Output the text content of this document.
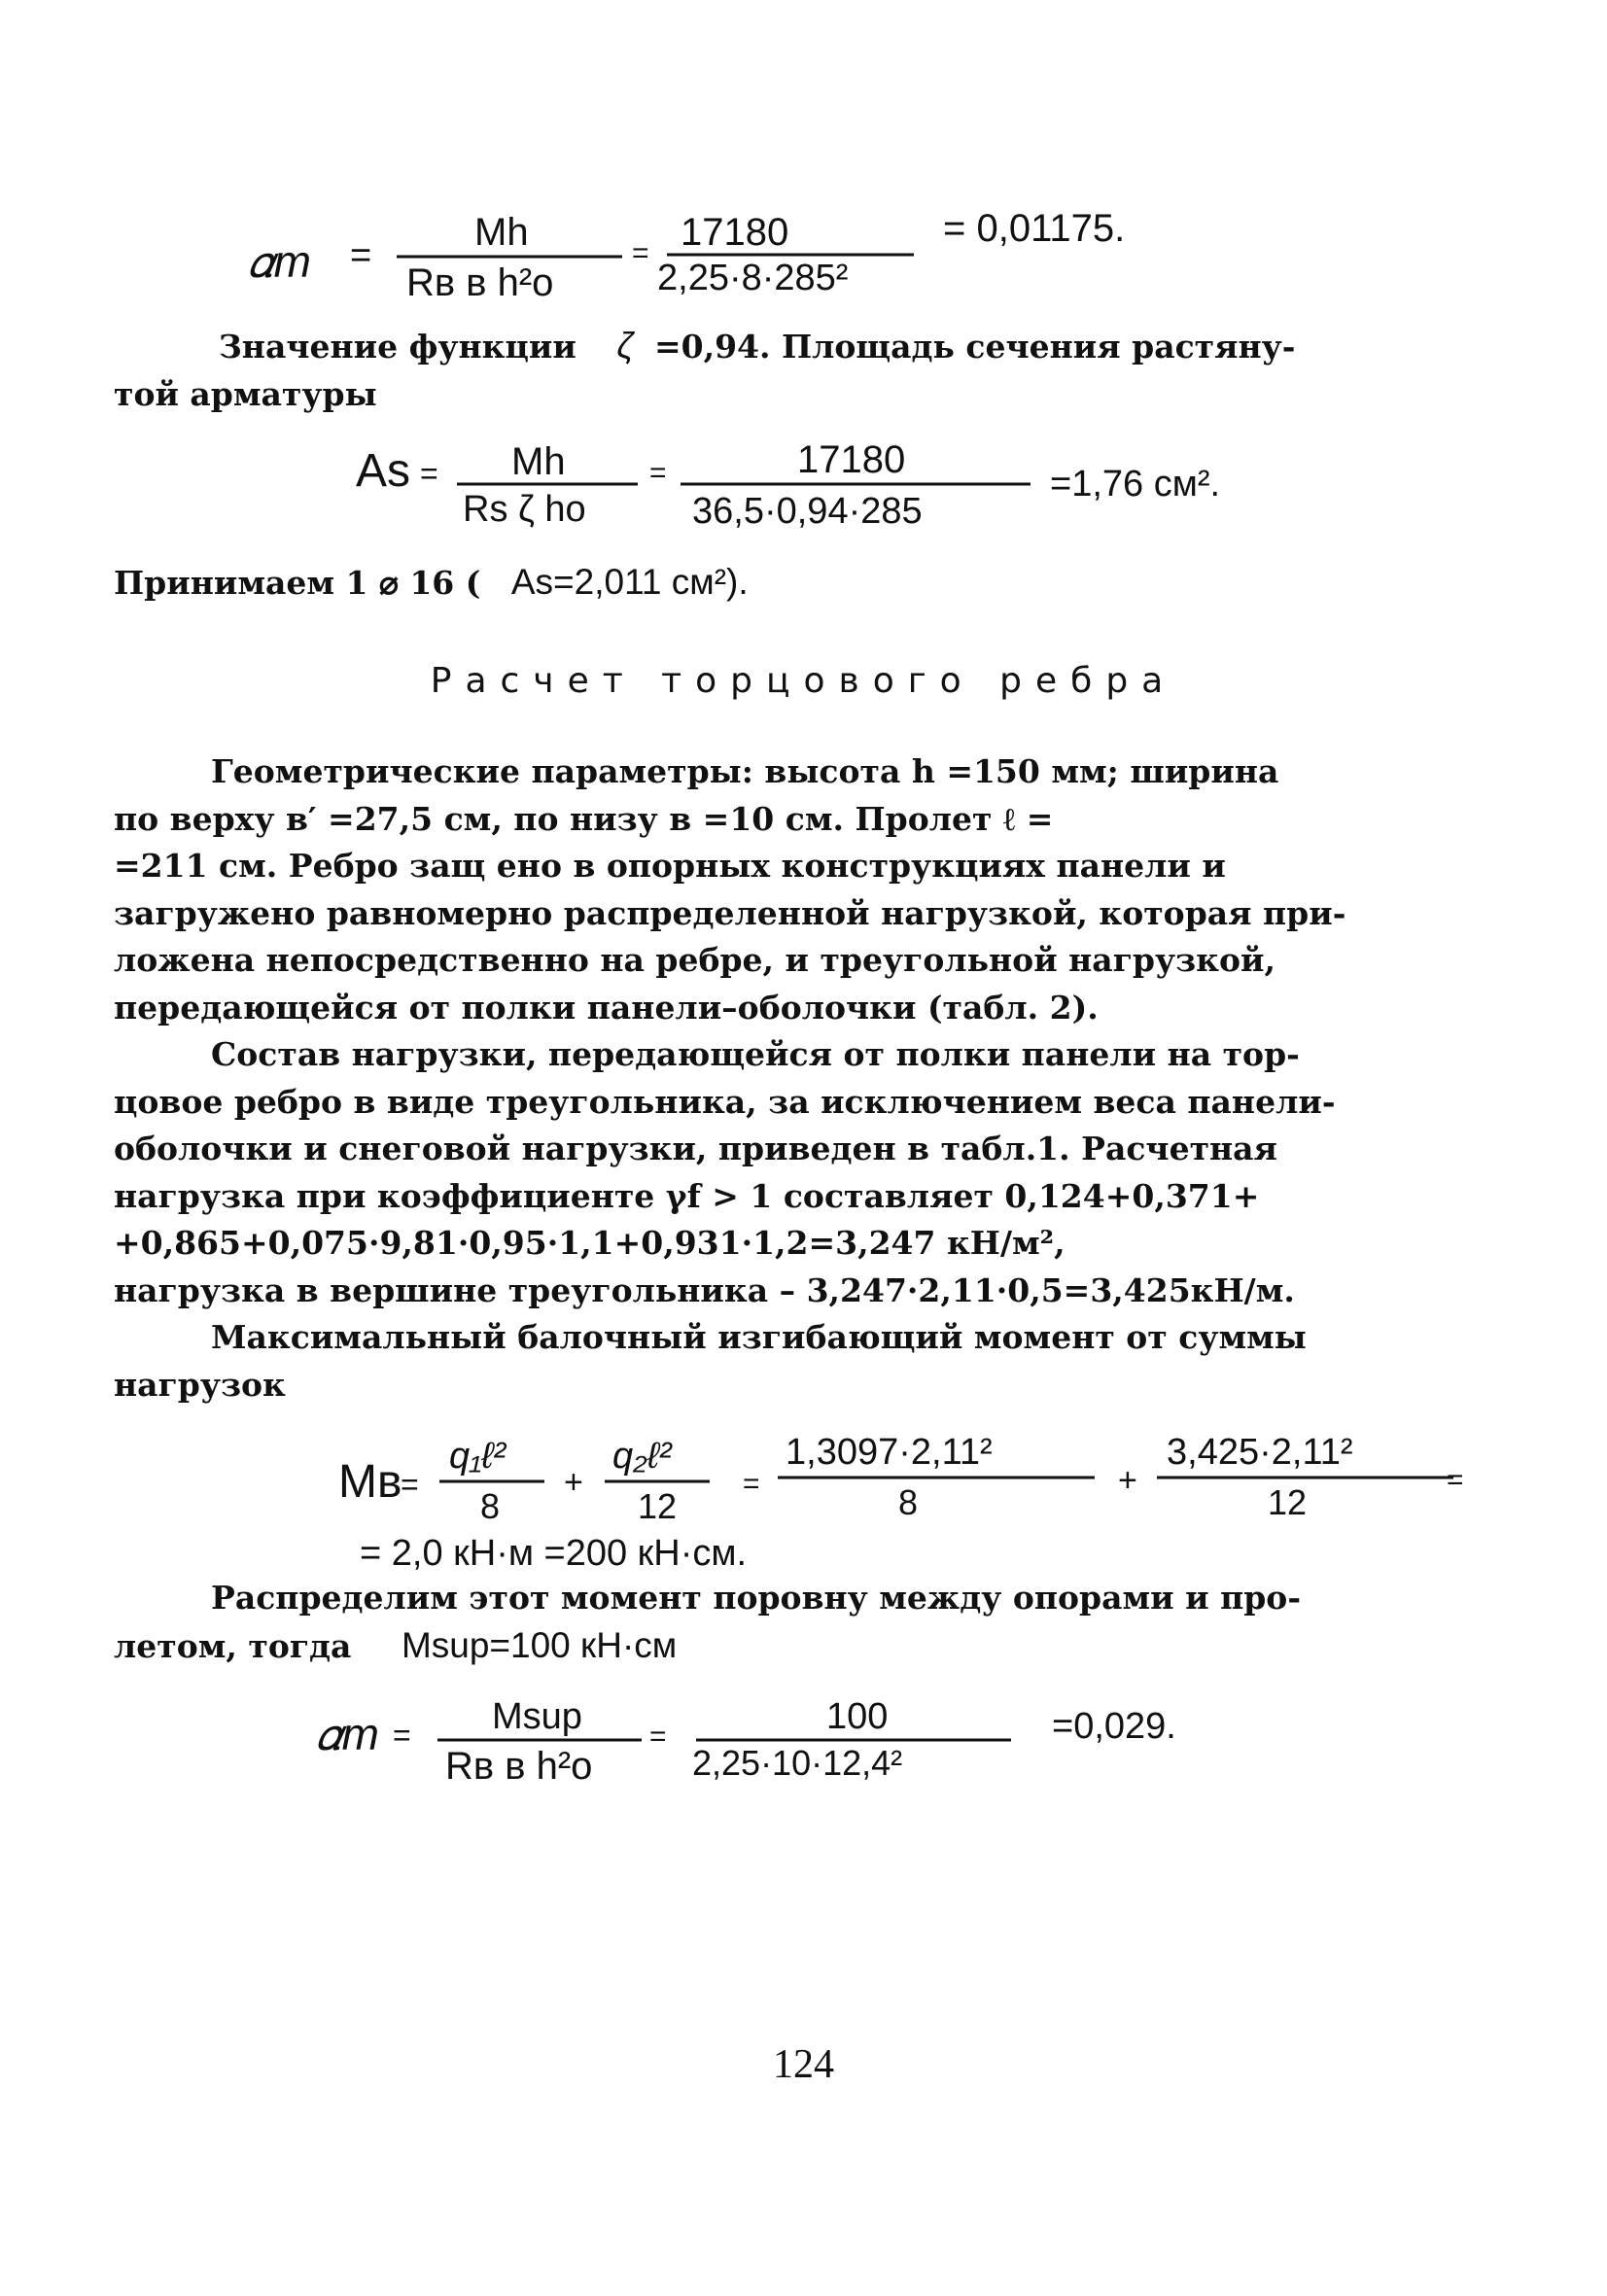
𝛼m =
Mh
Rв в h²o
= 17180
2,25·8·285²
= 0,01175.

Значение функции ζ =0,94. Площадь сечения растяну-

той арматуры

As = Mh
Rs ζ ho
=	17180
36,5·0,94·285
=1,76 см².

Принимаем 1 ⌀ 16 ( As=2,011 см²).

Расчет торцового ребра

Геометрические параметры: высота h =150 мм; ширина

по верху в′ =27,5 см, по низу в =10 см. Пролет ℓ =

=211 см. Ребро защ ено в опорных конструкциях панели и

загружено равномерно распределенной нагрузкой, которая при-

ложена непосредственно на ребре, и треугольной нагрузкой,

передающейся от полки панели–оболочки (табл. 2).

Состав нагрузки, передающейся от полки панели на тор-

цовое ребро в виде треугольника, за исключением веса панели-

оболочки и снеговой нагрузки, приведен в табл.1. Расчетная

нагрузка при коэффициенте γf > 1 составляет 0,124+0,371+

+0,865+0,075·9,81·0,95·1,1+0,931·1,2=3,247 кН/м²,

нагрузка в вершине треугольника – 3,247·2,11·0,5=3,425кН/м.

Максимальный балочный изгибающий момент от суммы

нагрузок

Mв
=
q₁ℓ²
8
+
q₂ℓ²
12
=
1,3097·2,11²
8
+
3,425·2,11²
12
=
= 2,0 кН·м =200 кН·см.

Распределим этот момент поровну между опорами и про-

летом, тогда Msup=100 кН·см

𝛼m = Msup
Rв в h²o
=	100
2,25·10·12,4²
=0,029.
124
